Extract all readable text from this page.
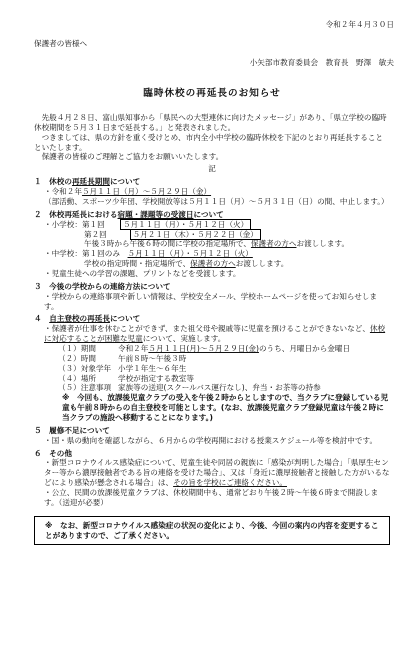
令和２年４月３０日
保護者の皆様へ
小矢部市教育委員会　教育長　野澤　敏夫
臨時休校の再延長のお知らせ

先般４月２８日、富山県知事から「県民への大型連休に向けたメッセージ」があり、「県立学校の臨時休校期間を５月３１日まで延長する。」と発表されました。

つきましては、県の方針を重く受けとめ、市内全小中学校の臨時休校を下記のとおり再延長することといたします。

保護者の皆様のご理解とご協力をお願いいたします。

記
１　休校の再延長期間について

・令和２年５月１１日（月）～５月２９日（金）

（部活動、スポーツ少年団、学校開放等は５月１１日（月）～５月３１日（日）の間、中止します。）

２　休校再延長における宿題・課題等の受渡日について

・小学校：第１回　　 ５月１１日（月）・５月１２日（火）

第２回　　　	５月２１日（木）・５月２２日（金）

午後３時から午後６時の間に学校の指定場所で、保護者の方へお渡しします。

・中学校：第１回のみ　 ５月１１日（月）・５月１２日（火）

学校の指定時間・指定場所で、保護者の方へお渡しします。

・児童生徒への学習の課題、プリントなどを受渡します。

３　今後の学校からの連絡方法について

・学校からの連絡事項や新しい情報は、学校安全メール、学校ホームページを使ってお知らせします。

４　自主登校の再延長について

・保護者が仕事を休むことができず、また祖父母や親戚等に児童を預けることができないなど、休校に対応することが困難な児童について、実施します。

（１）期間	令和２年５月１１日(月)～５月２９日(金)のうち、月曜日から金曜日
（２）時間	午前８時～午後３時
（３）対象学年 小学１年生～６年生
（４）場所	学校が指定する教室等
（５）注意事項 家族等の送迎(スクールバス運行なし)、弁当・お茶等の持参

※　今回も、放課後児童クラブの受入を午後２時からとしますので、当クラブに登録している児童も午前８時からの自主登校を可能とします。(なお、放課後児童クラブ登録児童は午後２時に当クラブの施設へ移動することになります。)

５　履修不足について

・国・県の動向を確認しながら、６月からの学校再開における授業スケジュール等を検討中です。

６　その他

・新型コロナウイルス感染症について、児童生徒や同居の親族に「感染が判明した場合」「県厚生センター等から濃厚接触者である旨の連絡を受けた場合」、又は「身近に濃厚接触者と接触した方がいるなどにより感染が懸念される場合」は、その旨を学校にご連絡ください。

・公立、民間の放課後児童クラブは、休校期間中も、通常どおり午後２時～午後６時まで開設します。（送迎が必要）

※　なお、新型コロナウイルス感染症の状況の変化により、今後、今回の案内の内容を変更することがありますので、ご了承ください。
